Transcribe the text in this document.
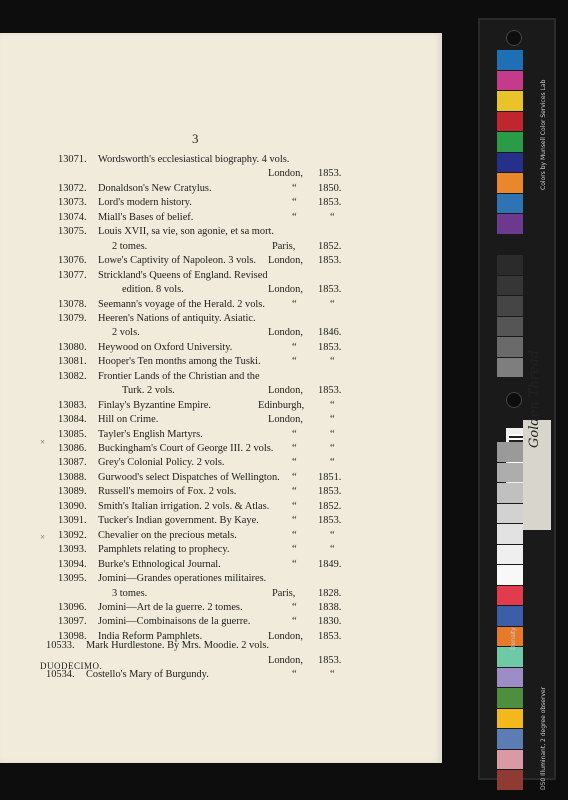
3
13071. Wordsworth's ecclesiastical biography. 4 vols.
London, 1853.
13072. Donaldson's New Cratylus.	“ 1850.
13073. Lord's modern history.	“ 1853.
13074. Miall's Bases of belief.	“	“
13075. Louis XVII, sa vie, son agonie, et sa mort.
2 tomes.	Paris, 1852.
13076. Lowe's Captivity of Napoleon. 3 vols. London, 1853.
13077. Strickland's Queens of England. Revised
edition. 8 vols.	London, 1853.
13078. Seemann's voyage of the Herald. 2 vols.	“	“
13079. Heeren's Nations of antiquity. Asiatic.
2 vols.	London, 1846.
13080. Heywood on Oxford University.	“ 1853.
13081. Hooper's Ten months among the Tuski.	“	“
13082. Frontier Lands of the Christian and the
Turk. 2 vols.	London, 1853.
13083. Finlay's Byzantine Empire.	Edinburgh, “
13084. Hill on Crime.	London,	“
13085. Tayler's English Martyrs.	“	“
13086. Buckingham's Court of George III. 2 vols. “	“
13087. Grey's Colonial Policy. 2 vols.	“	“
13088. Gurwood's select Dispatches of Wellington. “ 1851.
13089. Russell's memoirs of Fox. 2 vols.	“ 1853.
13090. Smith's Italian irrigation. 2 vols. & Atlas. “ 1852.
13091. Tucker's Indian government. By Kaye.	“ 1853.
13092. Chevalier on the precious metals.	“	“
13093. Pamphlets relating to prophecy.	“	“
13094. Burke's Ethnological Journal.	“ 1849.
13095. Jomini—Grandes operationes militaires.
3 tomes.	Paris, 1828.
13096. Jomini—Art de la guerre. 2 tomes.	“ 1838.
13097. Jomini—Combinaisons de la guerre.	“ 1830.
13098. India Reform Pamphlets.	London, 1853.
DUODECIMO.
10533. Mark Hurdlestone. By Mrs. Moodie. 2 vols.
London, 1853.
10534. Costello's Mary of Burgundy.	“	“
×
×
Golden Thread
Colors by Munsell Color Services Lab
Density
D50 Illuminant, 2 degree observer
